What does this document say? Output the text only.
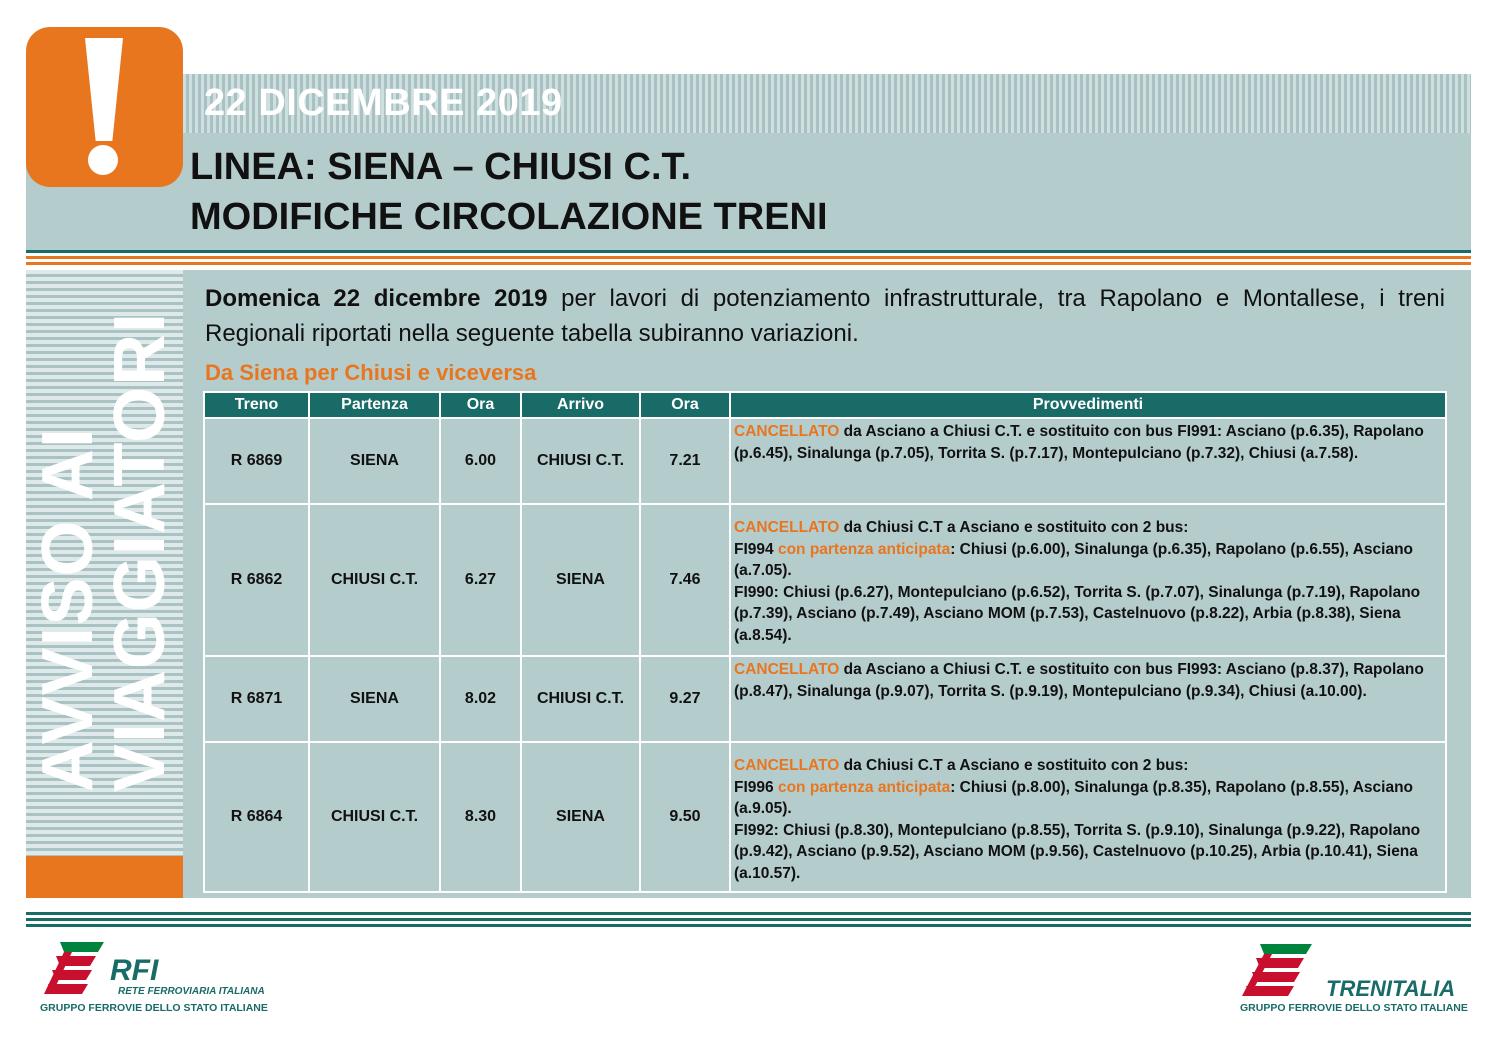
22 DICEMBRE 2019
LINEA: SIENA – CHIUSI C.T.
MODIFICHE CIRCOLAZIONE TRENI
AVVISO AI
VIAGGIATORI
Domenica 22 dicembre 2019 per lavori di potenziamento infrastrutturale, tra Rapolano e Montallese, i treni Regionali riportati nella seguente tabella subiranno variazioni.
Da Siena per Chiusi e viceversa
Treno	Partenza	Ora	Arrivo	Ora	Provvedimenti
R 6869	SIENA	6.00	CHIUSI C.T.	7.21	CANCELLATO da Asciano a Chiusi C.T. e sostituito con bus FI991: Asciano (p.6.35), Rapolano (p.6.45), Sinalunga (p.7.05), Torrita S. (p.7.17), Montepulciano (p.7.32), Chiusi (a.7.58).
R 6862	CHIUSI C.T.	6.27	SIENA	7.46	CANCELLATO da Chiusi C.T a Asciano e sostituito con 2 bus:
FI994 con partenza anticipata: Chiusi (p.6.00), Sinalunga (p.6.35), Rapolano (p.6.55), Asciano (a.7.05).
FI990: Chiusi (p.6.27), Montepulciano (p.6.52), Torrita S. (p.7.07), Sinalunga (p.7.19), Rapolano (p.7.39), Asciano (p.7.49), Asciano MOM (p.7.53), Castelnuovo (p.8.22), Arbia (p.8.38), Siena (a.8.54).
R 6871	SIENA	8.02	CHIUSI C.T.	9.27	CANCELLATO da Asciano a Chiusi C.T. e sostituito con bus FI993: Asciano (p.8.37), Rapolano (p.8.47), Sinalunga (p.9.07), Torrita S. (p.9.19), Montepulciano (p.9.34), Chiusi (a.10.00).
R 6864	CHIUSI C.T.	8.30	SIENA	9.50	CANCELLATO da Chiusi C.T a Asciano e sostituito con 2 bus:
FI996 con partenza anticipata: Chiusi (p.8.00), Sinalunga (p.8.35), Rapolano (p.8.55), Asciano (a.9.05).
FI992: Chiusi (p.8.30), Montepulciano (p.8.55), Torrita S. (p.9.10), Sinalunga (p.9.22), Rapolano (p.9.42), Asciano (p.9.52), Asciano MOM (p.9.56), Castelnuovo (p.10.25), Arbia (p.10.41), Siena (a.10.57).
RFI
RETE FERROVIARIA ITALIANA
GRUPPO FERROVIE DELLO STATO ITALIANE
TRENITALIA
GRUPPO FERROVIE DELLO STATO ITALIANE
